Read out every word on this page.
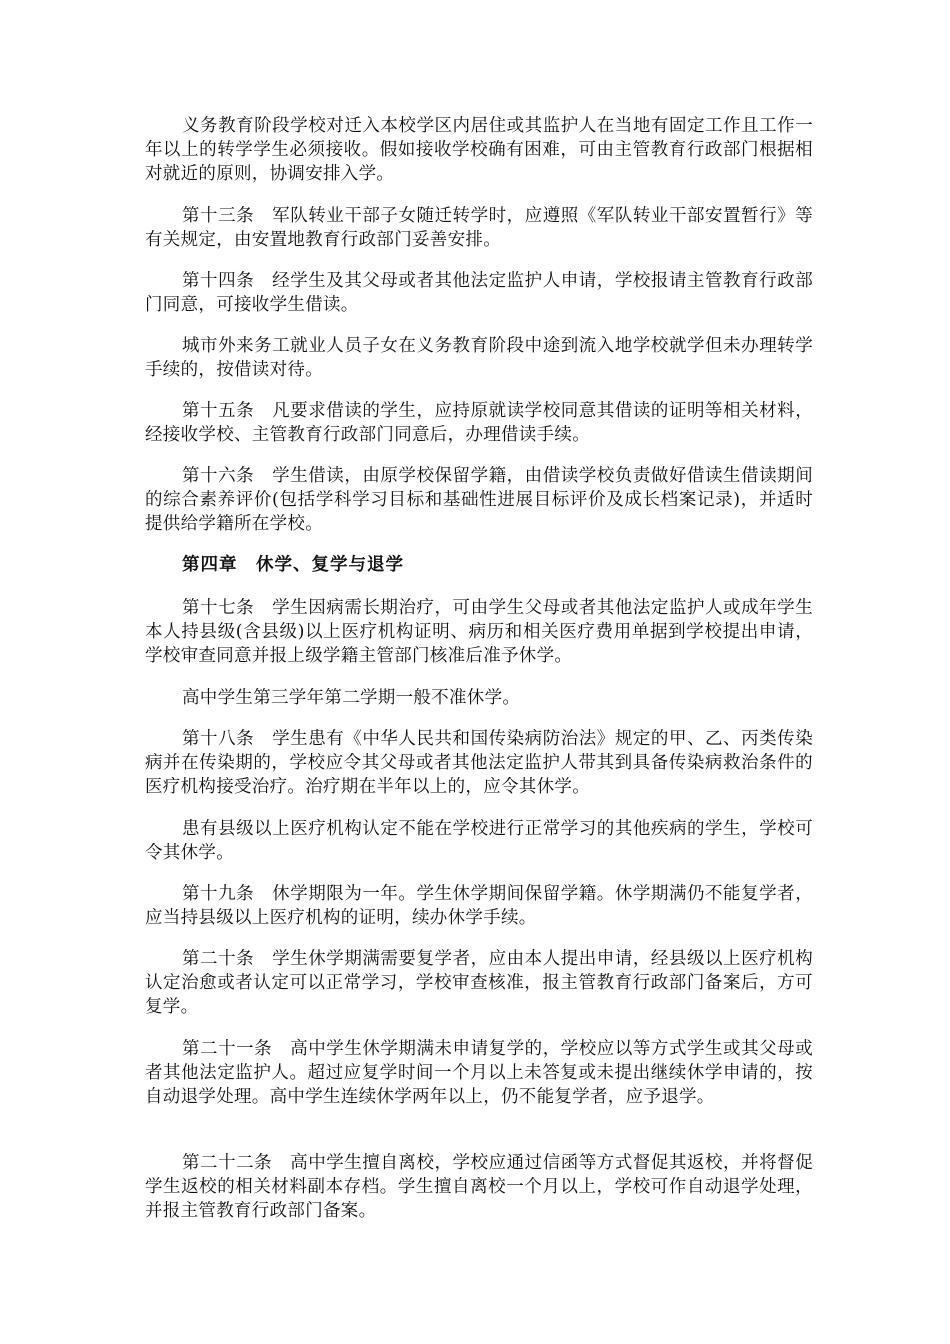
义务教育阶段学校对迁入本校学区内居住或其监护人在当地有固定工作且工作一年以上的转学学生必须接收。假如接收学校确有困难，可由主管教育行政部门根据相对就近的原则，协调安排入学。

第十三条　军队转业干部子女随迁转学时，应遵照《军队转业干部安置暂行》等有关规定，由安置地教育行政部门妥善安排。

第十四条　经学生及其父母或者其他法定监护人申请，学校报请主管教育行政部门同意，可接收学生借读。

城市外来务工就业人员子女在义务教育阶段中途到流入地学校就学但未办理转学手续的，按借读对待。

第十五条　凡要求借读的学生，应持原就读学校同意其借读的证明等相关材料，经接收学校、主管教育行政部门同意后，办理借读手续。

第十六条　学生借读，由原学校保留学籍，由借读学校负责做好借读生借读期间的综合素养评价(包括学科学习目标和基础性进展目标评价及成长档案记录)，并适时提供给学籍所在学校。

第四章　休学、复学与退学

第十七条　学生因病需长期治疗，可由学生父母或者其他法定监护人或成年学生本人持县级(含县级)以上医疗机构证明、病历和相关医疗费用单据到学校提出申请，学校审查同意并报上级学籍主管部门核准后准予休学。

高中学生第三学年第二学期一般不准休学。

第十八条　学生患有《中华人民共和国传染病防治法》规定的甲、乙、丙类传染病并在传染期的，学校应令其父母或者其他法定监护人带其到具备传染病救治条件的医疗机构接受治疗。治疗期在半年以上的，应令其休学。

患有县级以上医疗机构认定不能在学校进行正常学习的其他疾病的学生，学校可令其休学。

第十九条　休学期限为一年。学生休学期间保留学籍。休学期满仍不能复学者，应当持县级以上医疗机构的证明，续办休学手续。

第二十条　学生休学期满需要复学者，应由本人提出申请，经县级以上医疗机构认定治愈或者认定可以正常学习，学校审查核准，报主管教育行政部门备案后，方可复学。

第二十一条　高中学生休学期满未申请复学的，学校应以等方式学生或其父母或者其他法定监护人。超过应复学时间一个月以上未答复或未提出继续休学申请的，按自动退学处理。高中学生连续休学两年以上，仍不能复学者，应予退学。

第二十二条　高中学生擅自离校，学校应通过信函等方式督促其返校，并将督促学生返校的相关材料副本存档。学生擅自离校一个月以上，学校可作自动退学处理，并报主管教育行政部门备案。
